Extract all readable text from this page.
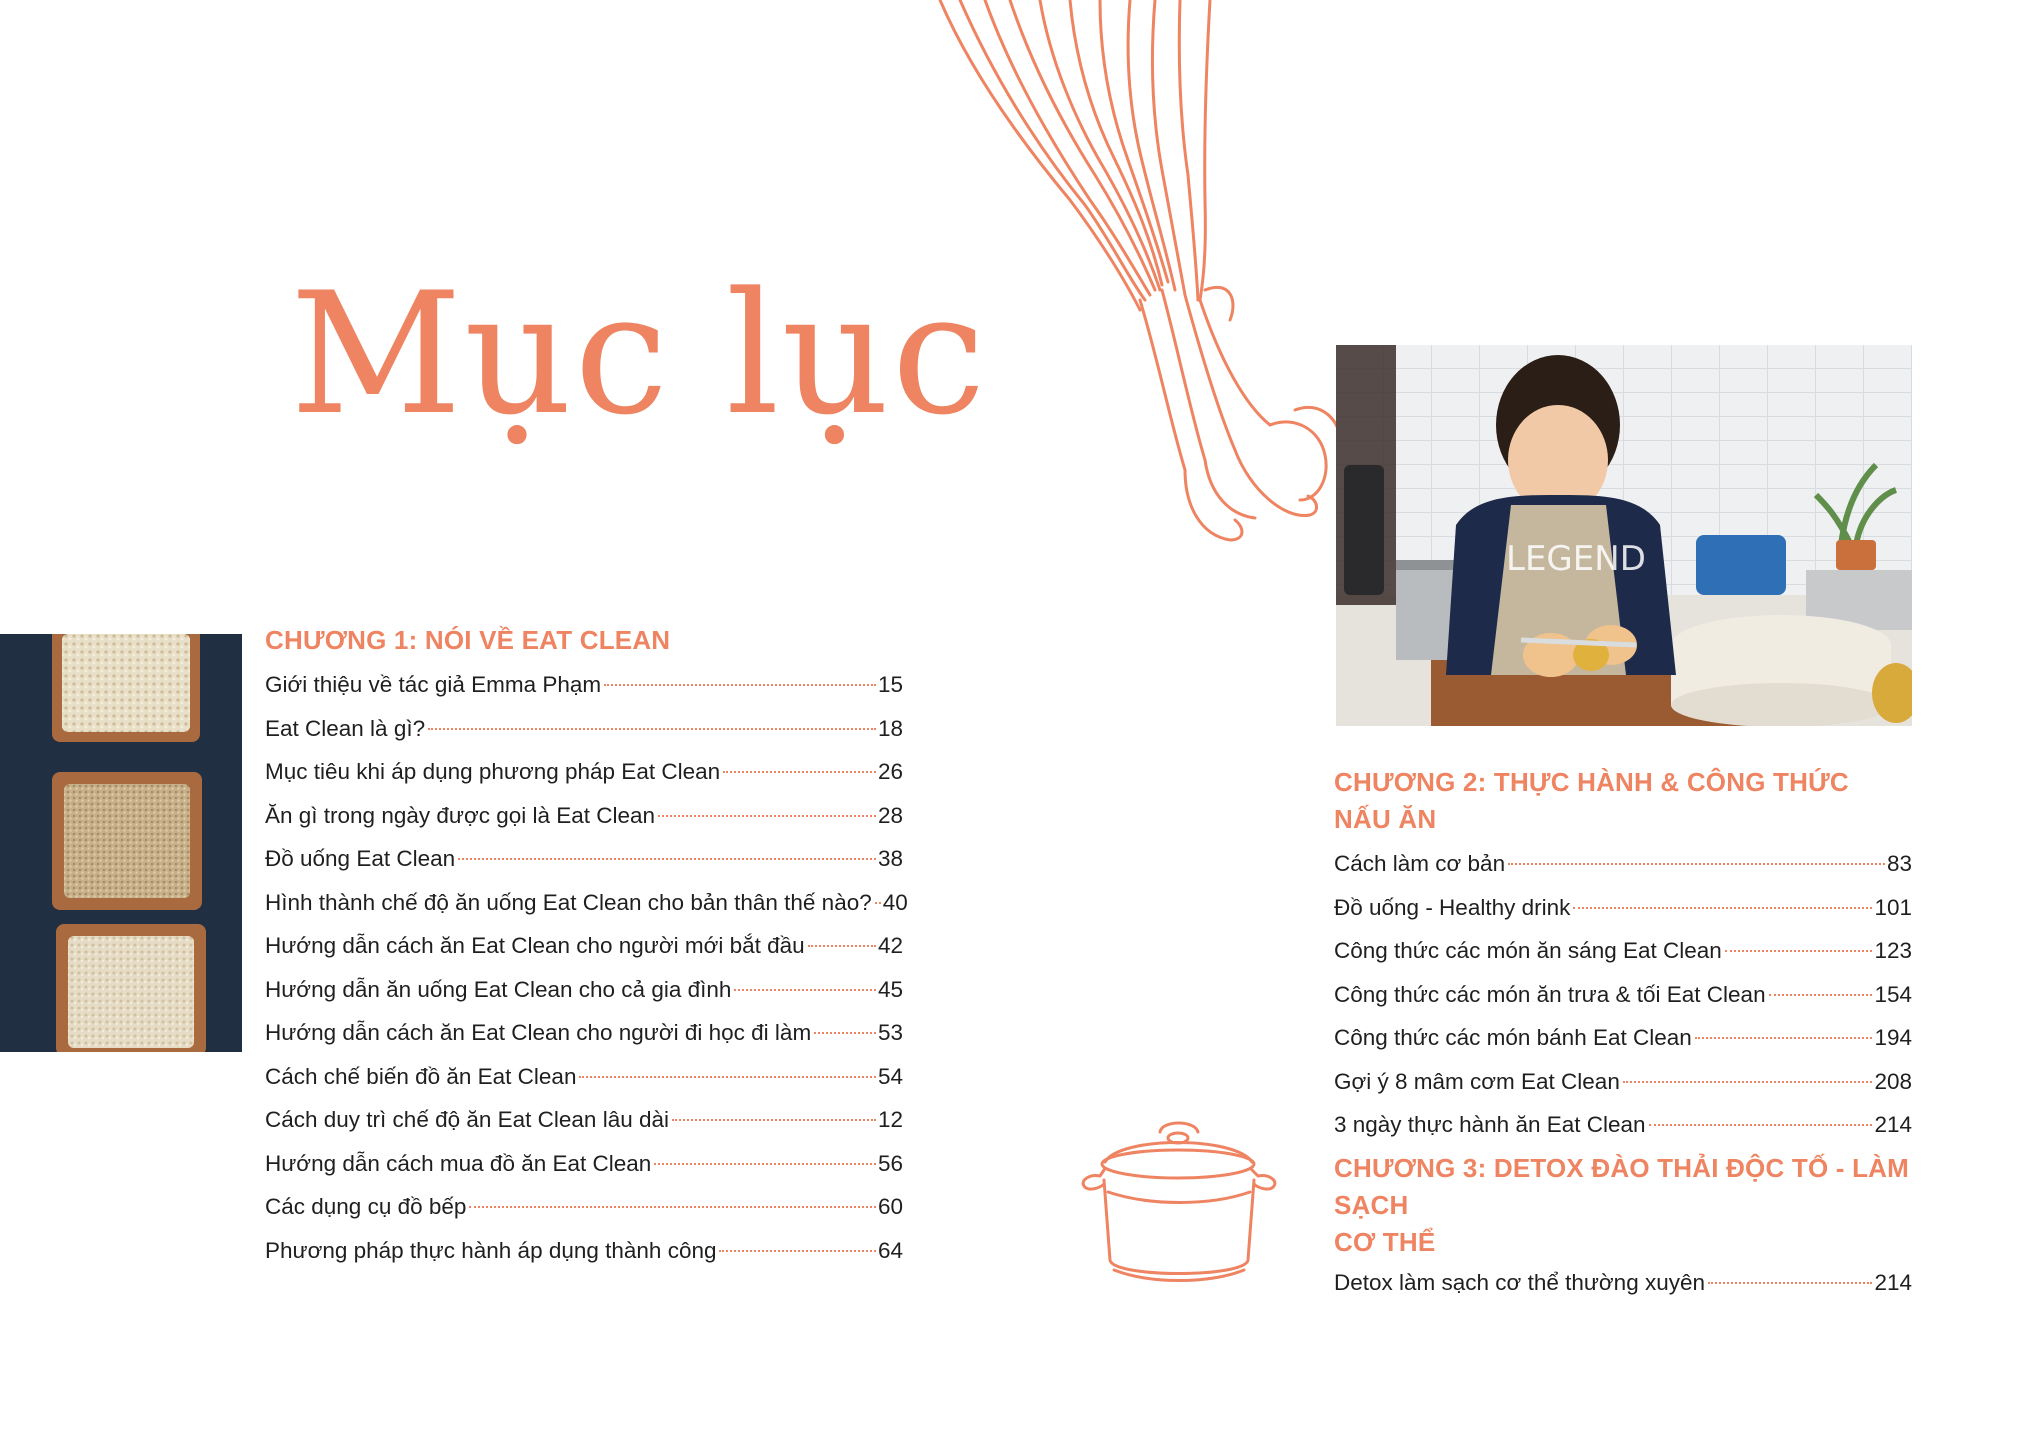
Mục lục
CHƯƠNG 1: NÓI VỀ EAT CLEAN
Giới thiệu về tác giả Emma Phạm	15
Eat Clean là gì?	18
Mục tiêu khi áp dụng phương pháp Eat Clean	26
Ăn gì trong ngày được gọi là Eat Clean	28
Đồ uống Eat Clean	38
Hình thành chế độ ăn uống Eat Clean cho bản thân thế nào? 40
Hướng dẫn cách ăn Eat Clean cho người mới bắt đầu	42
Hướng dẫn ăn uống Eat Clean cho cả gia đình	45
Hướng dẫn cách ăn Eat Clean cho người đi học đi làm	53
Cách chế biến đồ ăn Eat Clean	54
Cách duy trì chế độ ăn Eat Clean lâu dài	12
Hướng dẫn cách mua đồ ăn Eat Clean	56
Các dụng cụ đồ bếp	60
Phương pháp thực hành áp dụng thành công	64
LEGEND
CHƯƠNG 2: THỰC HÀNH & CÔNG THỨC NẤU ĂN
Cách làm cơ bản	83
Đồ uống - Healthy drink	101
Công thức các món ăn sáng Eat Clean	123
Công thức các món ăn trưa & tối Eat Clean	154
Công thức các món bánh Eat Clean	194
Gợi ý 8 mâm cơm Eat Clean	208
3 ngày thực hành ăn Eat Clean	214
CHƯƠNG 3: DETOX ĐÀO THẢI ĐỘC TỐ - LÀM SẠCH
CƠ THỂ
Detox làm sạch cơ thể thường xuyên	214
